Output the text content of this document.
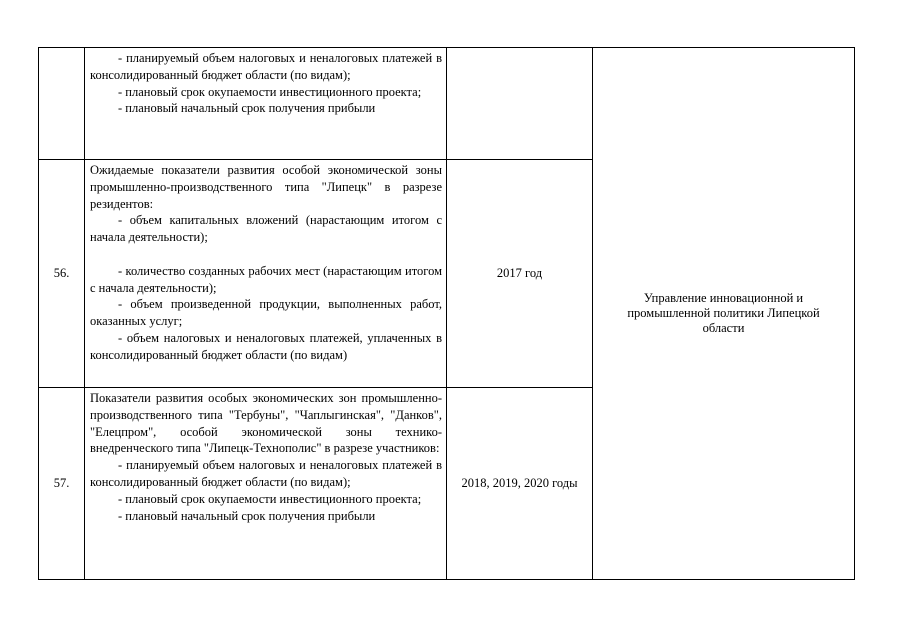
	- планируемый объем налоговых и неналоговых платежей в консолидированный бюджет области (по видам);

- плановый срок окупаемости инвестиционного проекта;

- плановый начальный срок получения прибыли		Управление инновационной и промышленной политики Липецкой области
56.	Ожидаемые показатели развития особой экономической зоны промышленно-производственного типа "Липецк" в разрезе резидентов:

- объем капитальных вложений (нарастающим итогом с начала деятельности);

- количество созданных рабочих мест (нарастающим итогом с начала деятельности);

- объем произведенной продукции, выполненных работ, оказанных услуг;

- объем налоговых и неналоговых платежей, уплаченных в консолидированный бюджет области (по видам)	2017 год	
57.	Показатели развития особых экономических зон промышленно-производственного типа "Тербуны", "Чаплыгинская", "Данков", "Елецпром", особой экономической зоны технико-внедренческого типа "Липецк-Технополис" в разрезе участников:

- планируемый объем налоговых и неналоговых платежей в консолидированный бюджет области (по видам);

- плановый срок окупаемости инвестиционного проекта;

- плановый начальный срок получения прибыли	2018, 2019, 2020 годы	
